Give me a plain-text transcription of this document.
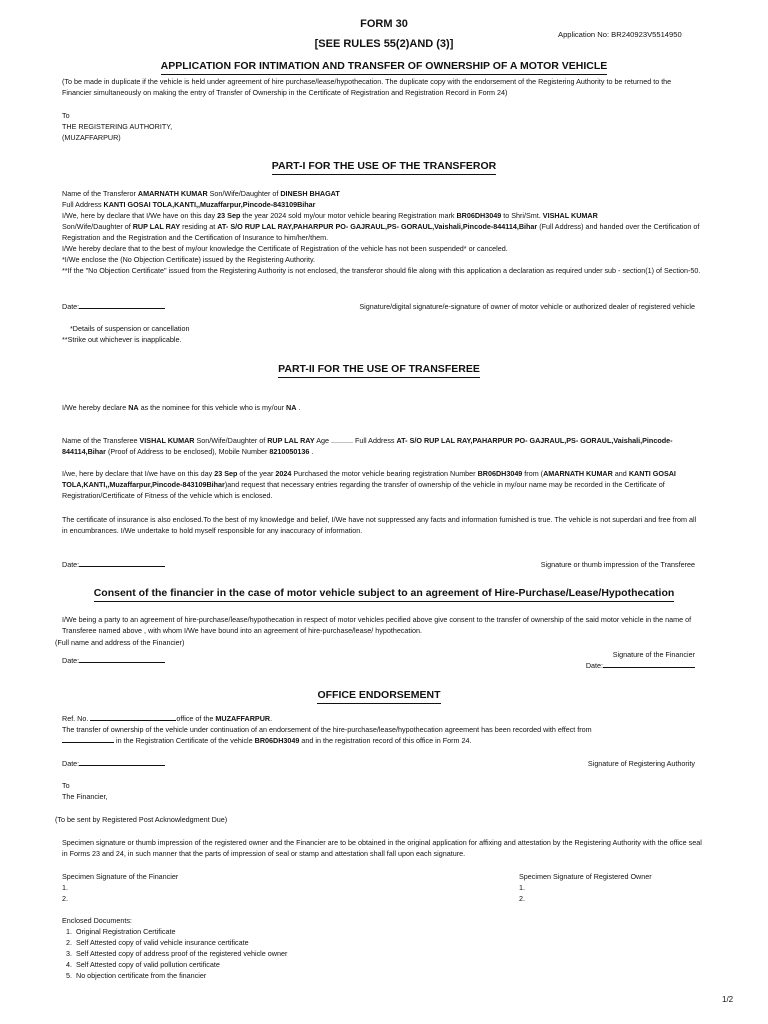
FORM 30
Application No: BR240923V5514950
[SEE RULES 55(2)AND (3)]
APPLICATION FOR INTIMATION AND TRANSFER OF OWNERSHIP OF A MOTOR VEHICLE
(To be made in duplicate if the vehicle is held under agreement of hire purchase/lease/hypothecation. The duplicate copy with the endorsement of the Registering Authority to be returned to the Financier simultaneously on making the entry of Transfer of Ownership in the Certificate of Registration and Registration Record in Form 24)
To
THE REGISTERING AUTHORITY,
(MUZAFFARPUR)
PART-I FOR THE USE OF THE TRANSFEROR
Name of the Transferor AMARNATH KUMAR Son/Wife/Daughter of DINESH BHAGAT
Full Address KANTI GOSAI TOLA,KANTI,,Muzaffarpur,Pincode-843109Bihar
I/We, here by declare that I/We have on this day 23 Sep the year 2024 sold my/our motor vehicle bearing Registration mark BR06DH3049 to Shri/Smt. VISHAL KUMAR
Son/Wife/Daughter of RUP LAL RAY residing at AT- S/O RUP LAL RAY,PAHARPUR PO- GAJRAUL,PS- GORAUL,Vaishali,Pincode-844114,Bihar (Full Address) and handed over the Certification of Registration and the Registration and the Certification of Insurance to him/her/them.
I/We hereby declare that to the best of my/our knowledge the Certificate of Registration of the vehicle has not been suspended* or canceled.
*I/We enclose the (No Objection Certificate) issued by the Registering Authority.
**If the "No Objection Certificate" issued from the Registering Authority is not enclosed, the transferor should file along with this application a declaration as required under sub - section(1) of Section-50.
Date:	Signature/digital signature/e-signature of owner of motor vehicle or authorized dealer of registered vehicle
*Details of suspension or cancellation
**Strike out whichever is inapplicable.
PART-II FOR THE USE OF TRANSFEREE
I/We hereby declare NA as the nominee for this vehicle who is my/our NA .
Name of the Transferee VISHAL KUMAR Son/Wife/Daughter of RUP LAL RAY Age ........... Full Address AT- S/O RUP LAL RAY,PAHARPUR PO- GAJRAUL,PS- GORAUL,Vaishali,Pincode-844114,Bihar (Proof of Address to be enclosed), Mobile Number 8210050136 .
I/we, here by declare that I/we have on this day 23 Sep of the year 2024 Purchased the motor vehicle bearing registration Number BR06DH3049 from (AMARNATH KUMAR and KANTI GOSAI TOLA,KANTI,,Muzaffarpur,Pincode-843109Bihar)and request that necessary entries regarding the transfer of ownership of the vehicle in my/our name may be recorded in the Certificate of Registration/Certificate of Fitness of the vehicle which is enclosed.
The certificate of insurance is also enclosed.To the best of my knowledge and belief, I/We have not suppressed any facts and information furnished is true. The vehicle is not superdari and free from all in encumbrances. I/We undertake to hold myself responsible for any inaccuracy of information.
Date:	Signature or thumb impression of the Transferee
Consent of the financier in the case of motor vehicle subject to an agreement of Hire-Purchase/Lease/Hypothecation
I/We being a party to an agreement of hire-purchase/lease/hypothecation in respect of motor vehicles pecified above give consent to the transfer of ownership of the said motor vehicle in the name of Transferee named above , with whom I/We have bound into an agreement of hire-purchase/lease/ hypothecation.
(Full name and address of the Financier)
Date:
Signature of the Financier
Date:
OFFICE ENDORSEMENT
Ref. No.	office of the MUZAFFARPUR.
The transfer of ownership of the vehicle under continuation of an endorsement of the hire-purchase/lease/hypothecation agreement has been recorded with effect from
in the Registration Certificate of the vehicle BR06DH3049 and in the registration record of this office in Form 24.
Date:	Signature of Registering Authority
To
The Financier,
(To be sent by Registered Post Acknowledgment Due)
Specimen signature or thumb impression of the registered owner and the Financier are to be obtained in the original application for affixing and attestation by the Registering Authority with the office seal in Forms 23 and 24, in such manner that the parts of impression of seal or stamp and attestation shall fall upon each signature.
Specimen Signature of the Financier
1.
2.
Specimen Signature of Registered Owner
1.
2.
Enclosed Documents:
1. Original Registration Certificate
2. Self Attested copy of valid vehicle insurance certificate
3. Self Attested copy of address proof of the registered vehicle owner
4. Self Attested copy of valid pollution certificate
5. No objection certificate from the financier
1/2
